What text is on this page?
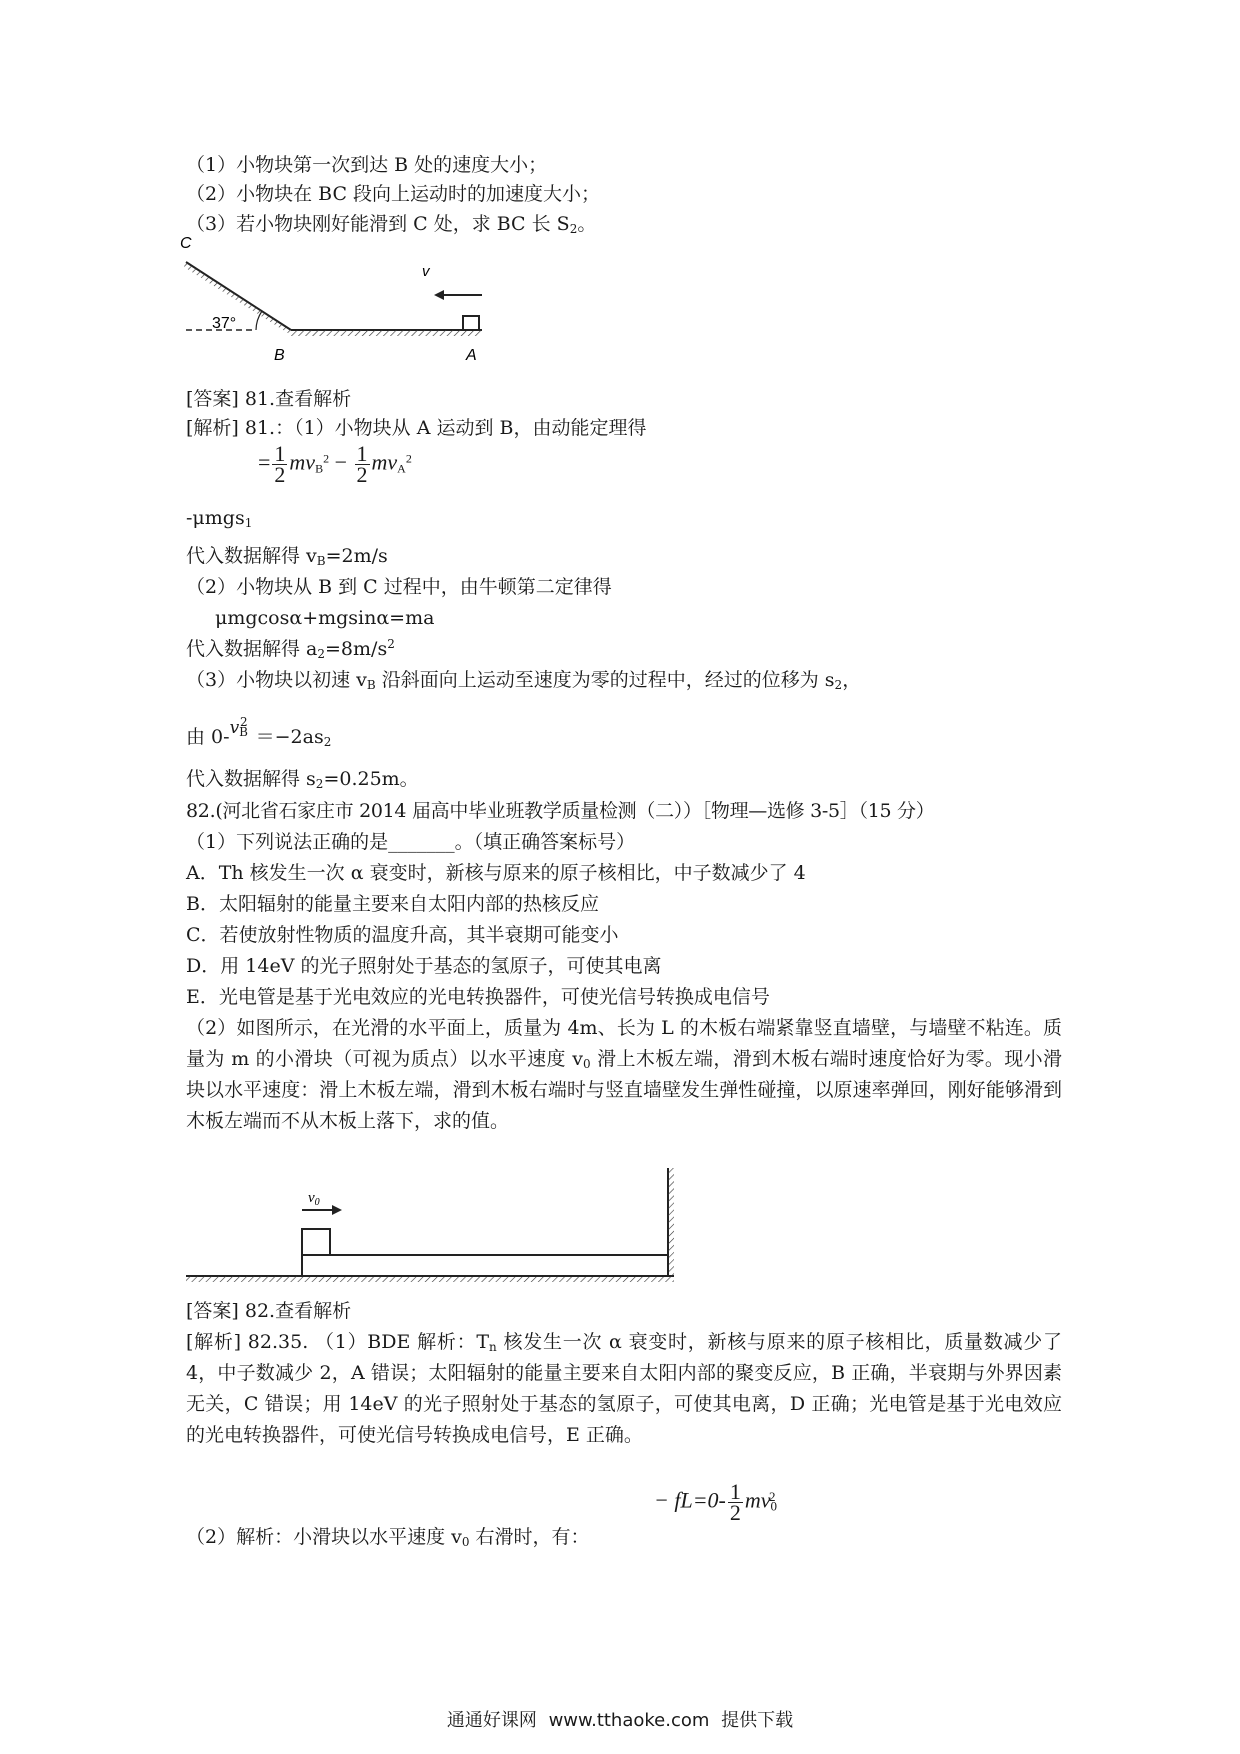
（1）小物块第一次到达 B 处的速度大小；
（2）小物块在 BC 段向上运动时的加速度大小；
（3）若小物块刚好能滑到 C 处，求 BC 长 $S_2$。
v
C
37°
B	A
[答案] 81.查看解析
[解析] 81.：（1）小物块从 A 运动到 B，由动能定理得
= $\frac{1}{2} mv_B^2 - \frac{1}{2} mv_A^2$
-μmgs$_1$
代入数据解得 $v_B=2m/s$
（2）小物块从 B 到 C 过程中，由牛顿第二定律得
μmgcosα+mgsinα=ma
代入数据解得 $a_2=8m/s^2$
（3）小物块以初速 $v_B$ 沿斜面向上运动至速度为零的过程中，经过的位移为 $s_2$，
由 $0-v_B^2=-2as_2$
代入数据解得 $s_2=0.25m$。
82.(河北省石家庄市 2014 届高中毕业班教学质量检测（二））［物理—选修 3-5］（15 分）
（1）下列说法正确的是_______。（填正确答案标号）
A．Th 核发生一次 α 衰变时，新核与原来的原子核相比，中子数减少了 4
B．太阳辐射的能量主要来自太阳内部的热核反应
C．若使放射性物质的温度升高，其半衰期可能变小
D．用 14eV 的光子照射处于基态的氢原子，可使其电离
E．光电管是基于光电效应的光电转换器件，可使光信号转换成电信号
（2）如图所示，在光滑的水平面上，质量为 4m、长为 L 的木板右端紧靠竖直墙壁，与墙壁不粘连。质量为 m 的小滑块（可视为质点）以水平速度 $v_0$ 滑上木板左端，滑到木板右端时速度恰好为零。现小滑块以水平速度：滑上木板左端，滑到木板右端时与竖直墙壁发生弹性碰撞，以原速率弹回，刚好能够滑到木板左端而不从木板上落下，求的值。
$v_0$
[答案] 82.查看解析
[解析] 82.35. （1）BDE 解析：$T_n$ 核发生一次 α 衰变时，新核与原来的原子核相比，质量数减少了 4，中子数减少 2，A 错误；太阳辐射的能量主要来自太阳内部的聚变反应，B 正确，半衰期与外界因素无关，C 错误；用 14eV 的光子照射处于基态的氢原子，可使其电离，D 正确；光电管是基于光电效应的光电转换器件，可使光信号转换成电信号，E 正确。
− $fL=0- \frac{1}{2} mv_0^2$
（2）解析：小滑块以水平速度 $v_0$ 右滑时，有：
通通好课网 www.tthaoke.com 提供下载
